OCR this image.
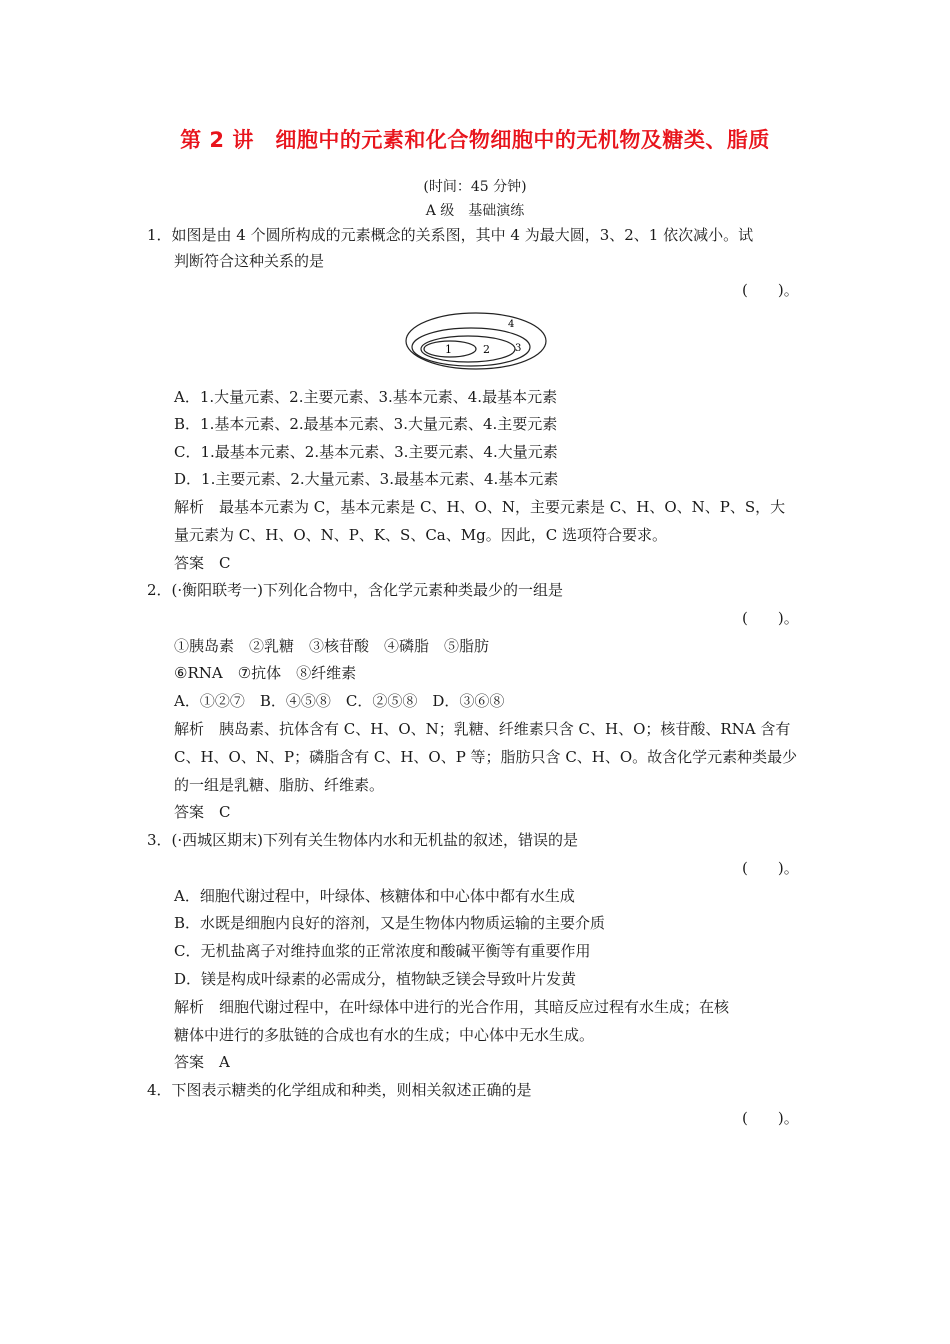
第 2 讲　细胞中的元素和化合物细胞中的无机物及糖类、脂质
(时间：45 分钟)
A 级　基础演练
1．如图是由 4 个圆所构成的元素概念的关系图，其中 4 为最大圆，3、2、1 依次减小。试
判断符合这种关系的是
(　　)。
1	2	3
4
A．1.大量元素、2.主要元素、3.基本元素、4.最基本元素
B．1.基本元素、2.最基本元素、3.大量元素、4.主要元素
C．1.最基本元素、2.基本元素、3.主要元素、4.大量元素
D．1.主要元素、2.大量元素、3.最基本元素、4.基本元素
解析　最基本元素为 C，基本元素是 C、H、O、N，主要元素是 C、H、O、N、P、S，大
量元素为 C、H、O、N、P、K、S、Ca、Mg。因此，C 选项符合要求。
答案　C
2．(·衡阳联考一)下列化合物中，含化学元素种类最少的一组是
(　　)。
①胰岛素　②乳糖　③核苷酸　④磷脂　⑤脂肪
⑥RNA　⑦抗体　⑧纤维素
A．①②⑦　B．④⑤⑧　C．②⑤⑧　D．③⑥⑧
解析　胰岛素、抗体含有 C、H、O、N；乳糖、纤维素只含 C、H、O；核苷酸、RNA 含有
C、H、O、N、P；磷脂含有 C、H、O、P 等；脂肪只含 C、H、O。故含化学元素种类最少
的一组是乳糖、脂肪、纤维素。
答案　C
3．(·西城区期末)下列有关生物体内水和无机盐的叙述，错误的是
(　　)。
A．细胞代谢过程中，叶绿体、核糖体和中心体中都有水生成
B．水既是细胞内良好的溶剂，又是生物体内物质运输的主要介质
C．无机盐离子对维持血浆的正常浓度和酸碱平衡等有重要作用
D．镁是构成叶绿素的必需成分，植物缺乏镁会导致叶片发黄
解析　细胞代谢过程中，在叶绿体中进行的光合作用，其暗反应过程有水生成；在核
糖体中进行的多肽链的合成也有水的生成；中心体中无水生成。
答案　A
4．下图表示糖类的化学组成和种类，则相关叙述正确的是
(　　)。
